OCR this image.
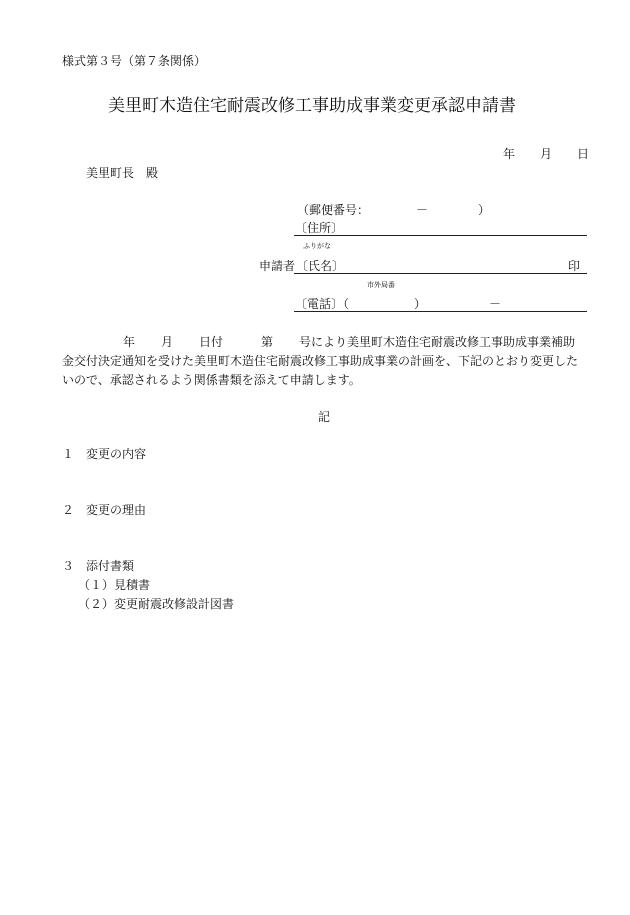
様式第３号（第７条関係）
美里町木造住宅耐震改修工事助成事業変更承認申請書
年 月 日
美里町長　殿
（郵便番号：	－	）
〔住所〕
ふりがな
申請者 〔氏名〕	印
市外局番
〔電話〕（	）	－
年 月 日付	第 号により美里町木造住宅耐震改修工事助成事業補助
金交付決定通知を受けた美里町木造住宅耐震改修工事助成事業の計画を、下記のとおり変更した
いので、承認されるよう関係書類を添えて申請します。
記
１ 変更の内容
２ 変更の理由
３ 添付書類
（１）見積書
（２）変更耐震改修設計図書
